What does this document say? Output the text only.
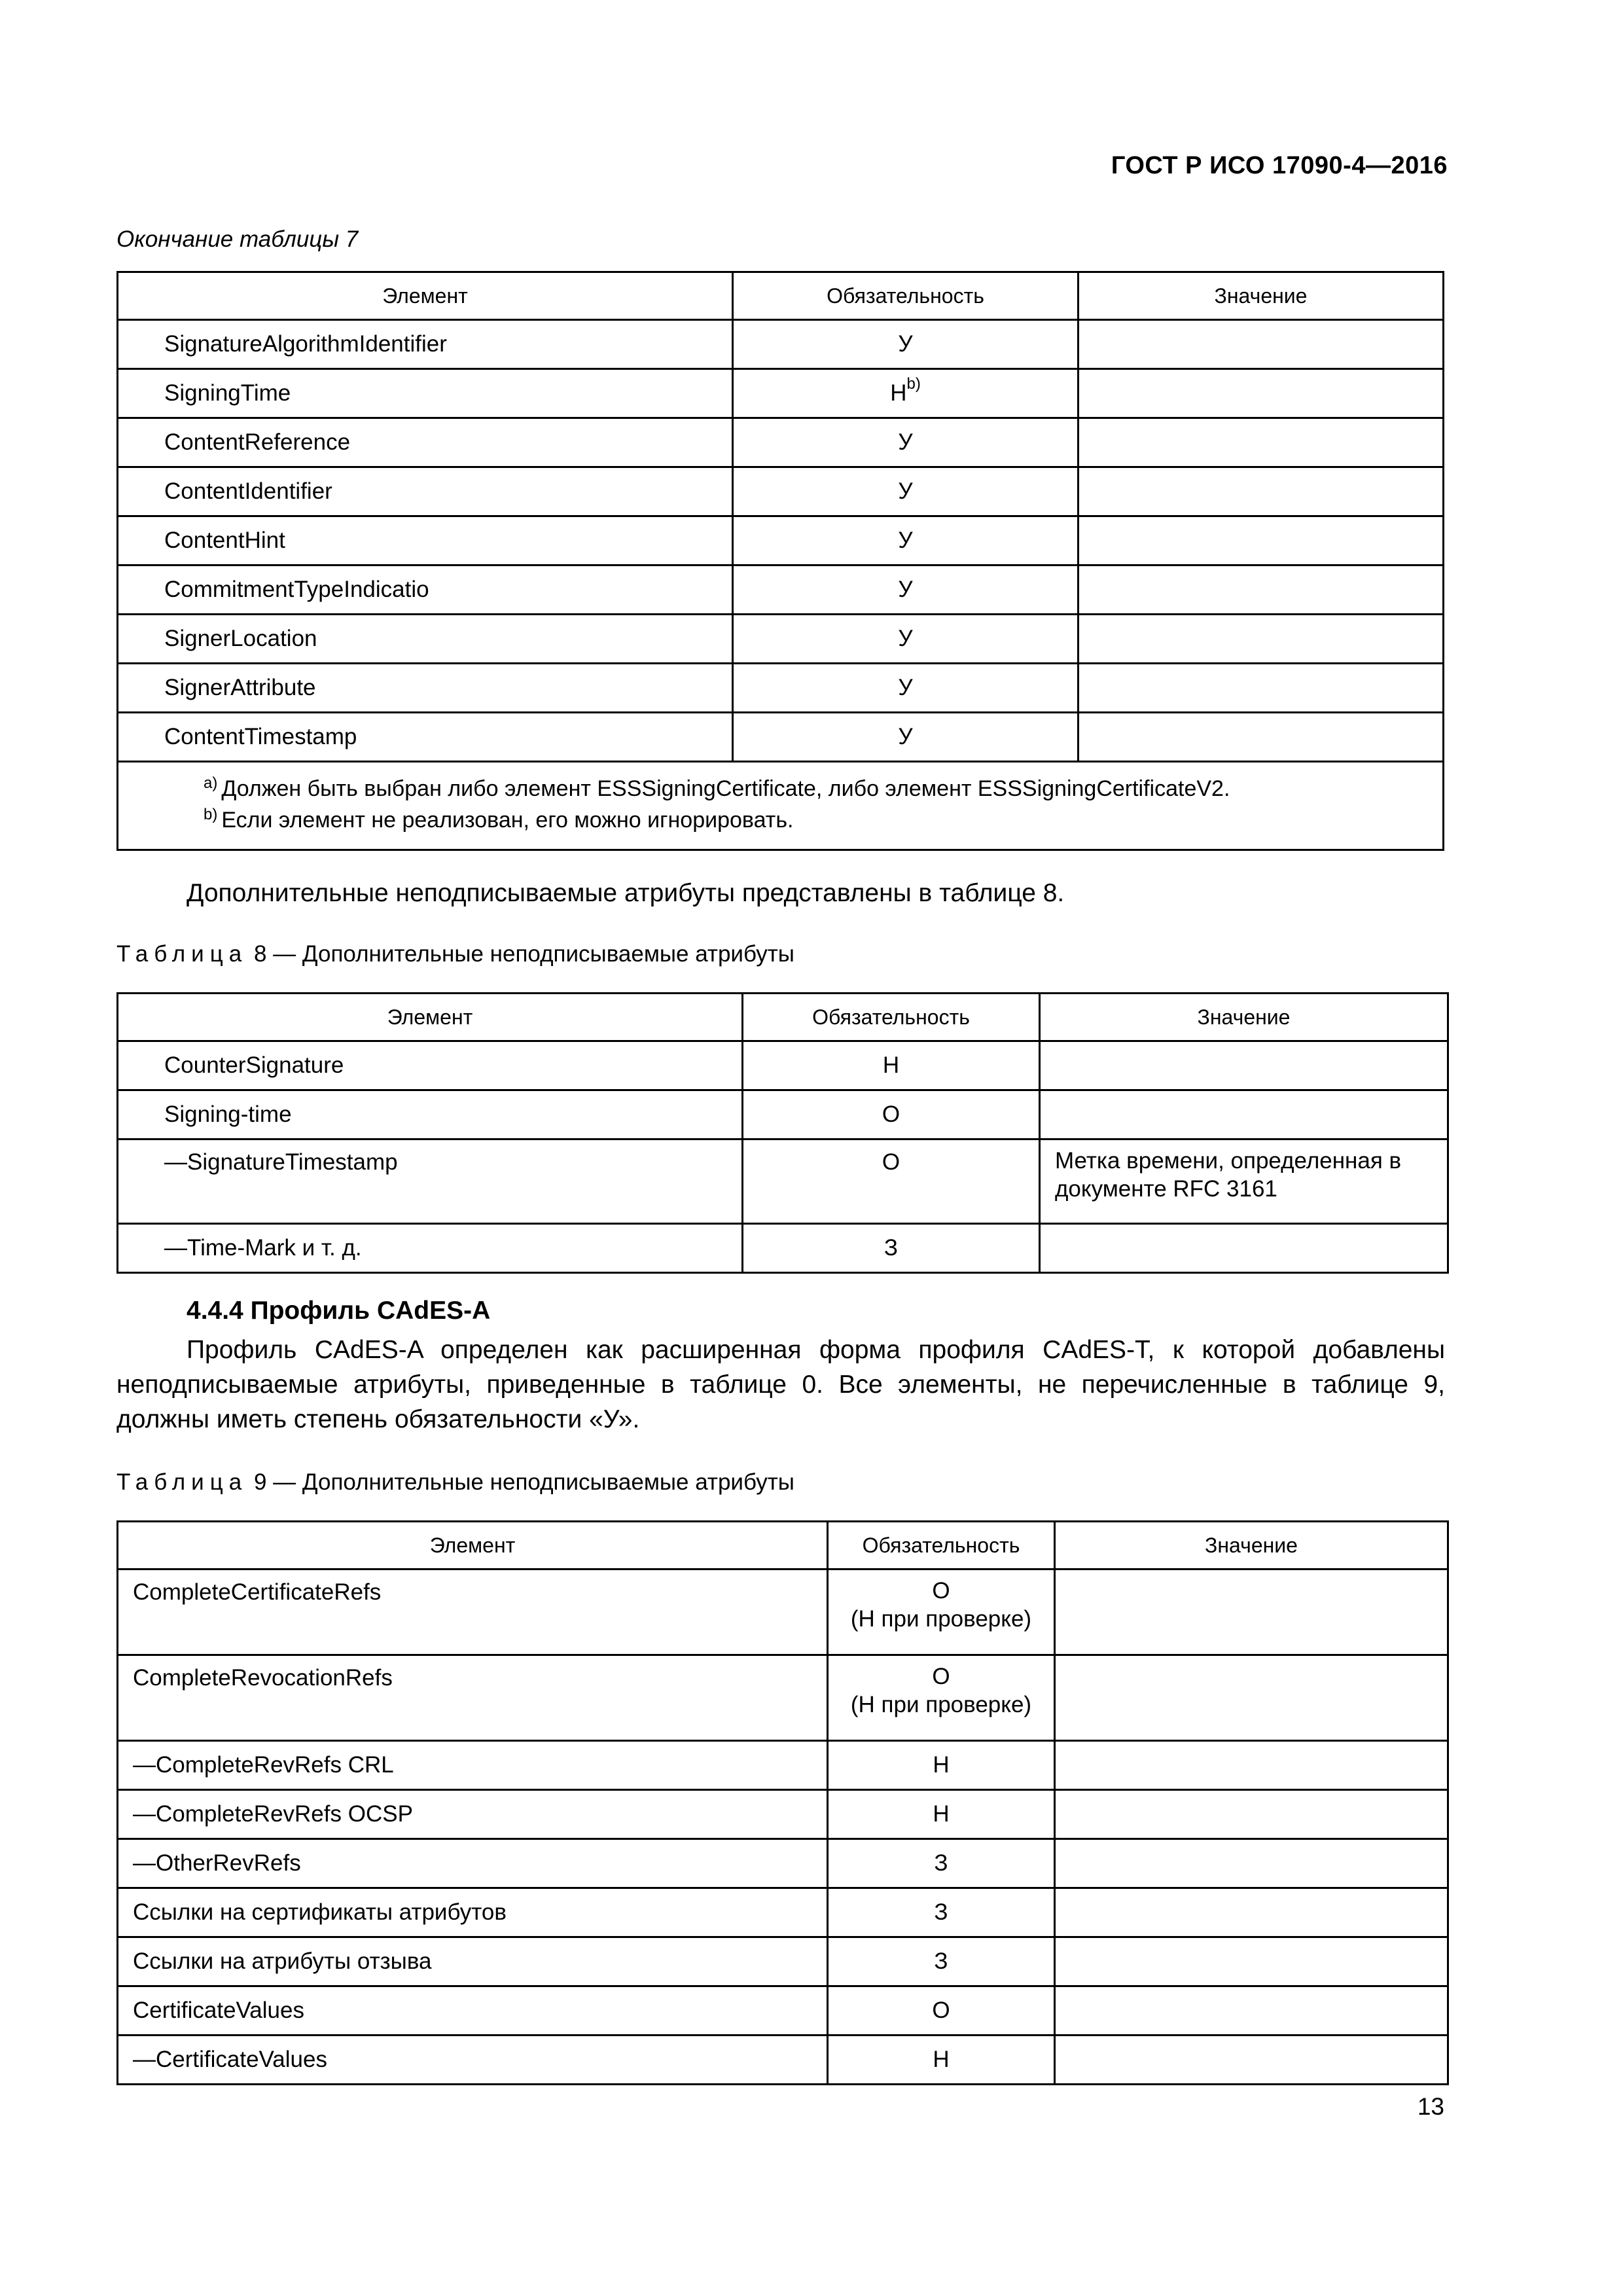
ГОСТ Р ИСО 17090-4—2016
Окончание таблицы 7
Элемент	Обязательность	Значение
SignatureAlgorithmIdentifier	У	
SigningTime	$Н^{b)}$	
ContentReference	У	
ContentIdentifier	У	
ContentHint	У	
CommitmentTypeIndicatio	У	
SignerLocation	У	
SignerAttribute	У	
ContentTimestamp	У	

$^{a)}$ Должен быть выбран либо элемент ESSSigningCertificate, либо элемент ESSSigningCertificateV2.
$^{b)}$ Если элемент не реализован, его можно игнорировать.		
Дополнительные неподписываемые атрибуты представлены в таблице 8.
Таблица 8 — Дополнительные неподписываемые атрибуты
Элемент	Обязательность	Значение
CounterSignature	Н	
Signing-time	О	
—SignatureTimestamp	О	Метка времени, определенная в
документе RFC 3161

—Time-Mark и т. д.	З	
4.4.4 Профиль CAdES-A
Профиль CAdES-A определен как расширенная форма профиля CAdES-T, к которой добавлены неподписываемые атрибуты, приведенные в таблице 0. Все элементы, не перечисленные в таблице 9, должны иметь степень обязательности «У».
Таблица 9 — Дополнительные неподписываемые атрибуты
Элемент	Обязательность	Значение
CompleteCertificateRefs	О
(Н при проверке)	

CompleteRevocationRefs	О
(Н при проверке)	

—CompleteRevRefs CRL	Н	
—CompleteRevRefs OCSP	Н	
—OtherRevRefs	З	
Ссылки на сертификаты атрибутов	З	
Ссылки на атрибуты отзыва	З	
CertificateValues	О	
—CertificateValues	Н	
13
